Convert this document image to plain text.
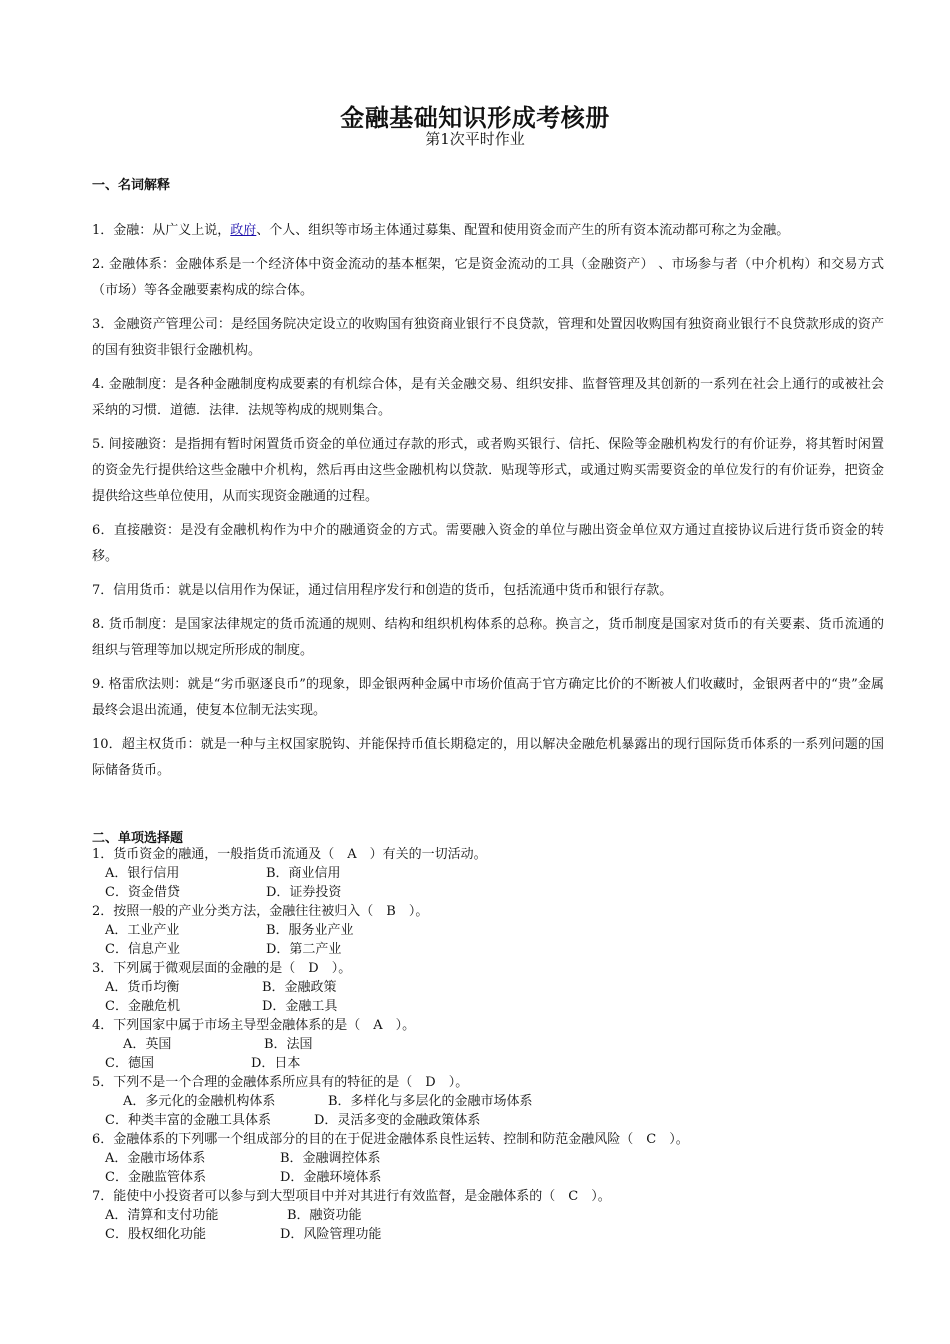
金融基础知识形成考核册
第1次平时作业
一、名词解释

1．金融：从广义上说，政府、个人、组织等市场主体通过募集、配置和使用资金而产生的所有资本流动都可称之为金融。

2. 金融体系：金融体系是一个经济体中资金流动的基本框架，它是资金流动的工具（金融资产） 、市场参与者（中介机构）和交易方式（市场）等各金融要素构成的综合体。

3．金融资产管理公司：是经国务院决定设立的收购国有独资商业银行不良贷款，管理和处置因收购国有独资商业银行不良贷款形成的资产的国有独资非银行金融机构。

4. 金融制度：是各种金融制度构成要素的有机综合体，是有关金融交易、组织安排、监督管理及其创新的一系列在社会上通行的或被社会采纳的习惯．道德．法律．法规等构成的规则集合。

5. 间接融资：是指拥有暂时闲置货币资金的单位通过存款的形式，或者购买银行、信托、保险等金融机构发行的有价证券，将其暂时闲置的资金先行提供给这些金融中介机构，然后再由这些金融机构以贷款．贴现等形式，或通过购买需要资金的单位发行的有价证券，把资金提供给这些单位使用，从而实现资金融通的过程。

6．直接融资：是没有金融机构作为中介的融通资金的方式。需要融入资金的单位与融出资金单位双方通过直接协议后进行货币资金的转移。

7．信用货币：就是以信用作为保证，通过信用程序发行和创造的货币，包括流通中货币和银行存款。

8. 货币制度：是国家法律规定的货币流通的规则、结构和组织机构体系的总称。换言之，货币制度是国家对货币的有关要素、货币流通的组织与管理等加以规定所形成的制度。

9. 格雷欣法则：就是“劣币驱逐良币”的现象，即金银两种金属中市场价值高于官方确定比价的不断被人们收藏时，金银两者中的“贵”金属最终会退出流通，使复本位制无法实现。

10．超主权货币：就是一种与主权国家脱钩、并能保持币值长期稳定的，用以解决金融危机暴露出的现行国际货币体系的一系列问题的国际储备货币。

二、单项选择题

1．货币资金的融通，一般指货币流通及（　A　）有关的一切活动。

A．银行信用	B．商业信用
C．资金借贷	D．证券投资

2．按照一般的产业分类方法，金融往往被归入（　B　）。

A．工业产业	B．服务业产业
C．信息产业	D．第二产业

3．下列属于微观层面的金融的是（　D　）。

A．货币均衡	B．金融政策
C．金融危机	D．金融工具

4．下列国家中属于市场主导型金融体系的是（　A　）。

A．英国	B．法国
C．德国	D．日本

5．下列不是一个合理的金融体系所应具有的特征的是（　D　）。

A．多元化的金融机构体系	B．多样化与多层化的金融市场体系
C．种类丰富的金融工具体系	D．灵活多变的金融政策体系

6．金融体系的下列哪一个组成部分的目的在于促进金融体系良性运转、控制和防范金融风险（　C　）。

A．金融市场体系	B．金融调控体系
C．金融监管体系	D．金融环境体系

7．能使中小投资者可以参与到大型项目中并对其进行有效监督，是金融体系的（　C　）。

A．清算和支付功能	B．融资功能
C．股权细化功能	D．风险管理功能
